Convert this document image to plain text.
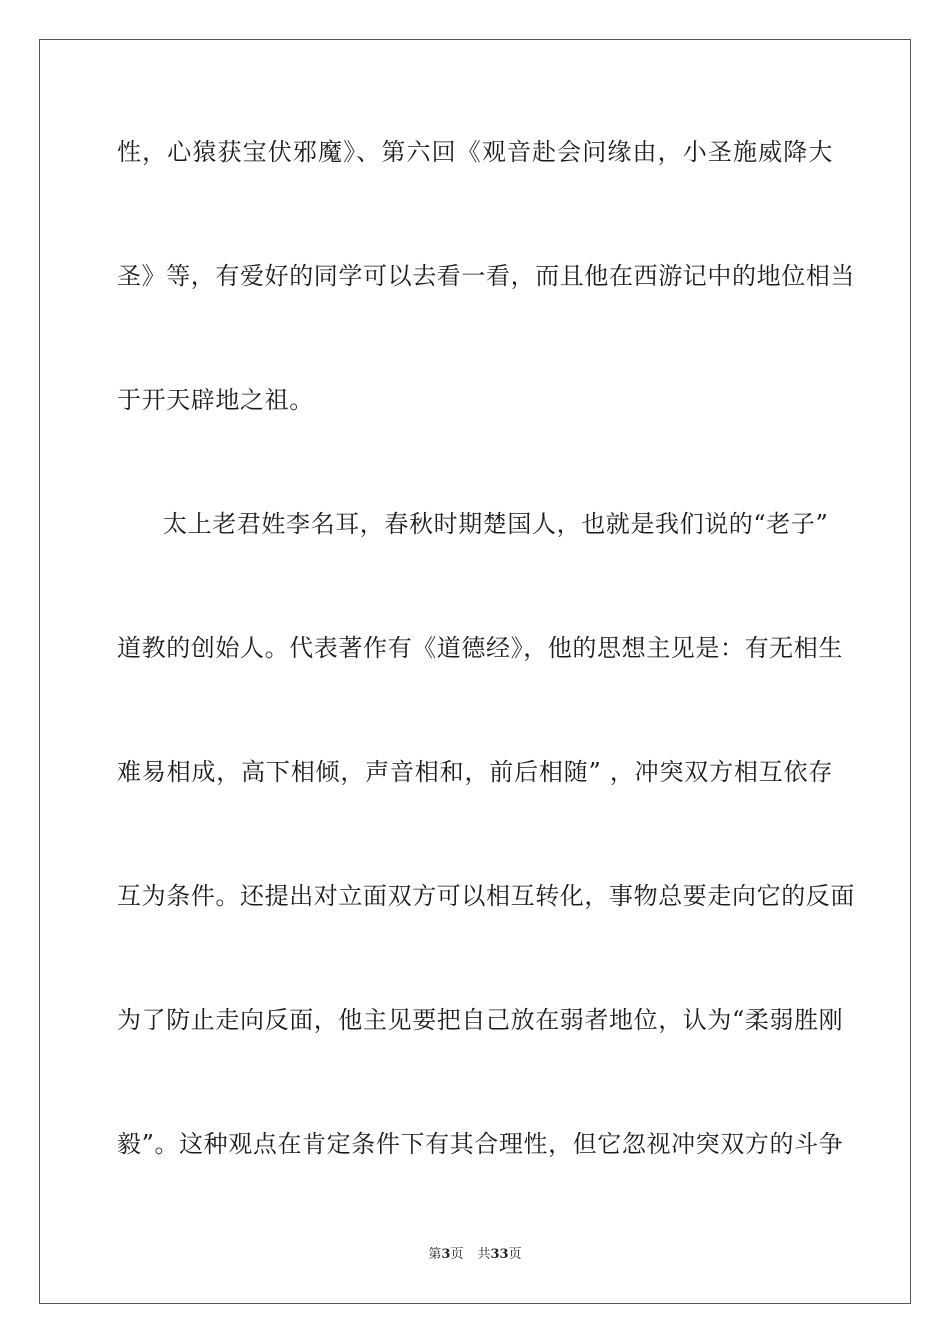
性，心猿获宝伏邪魔》、第六回《观音赴会问缘由，小圣施威降大
圣》等，有爱好的同学可以去看一看，而且他在西游记中的地位相当
于开天辟地之祖。
太上老君姓李名耳，春秋时期楚国人，也就是我们说的“老子”
道教的创始人。代表著作有《道德经》，他的思想主见是：有无相生
难易相成，高下相倾，声音相和，前后相随” ，冲突双方相互依存
互为条件。还提出对立面双方可以相互转化，事物总要走向它的反面
为了防止走向反面，他主见要把自己放在弱者地位，认为“柔弱胜刚
毅”。这种观点在肯定条件下有其合理性，但它忽视冲突双方的斗争
第3页 共33页
